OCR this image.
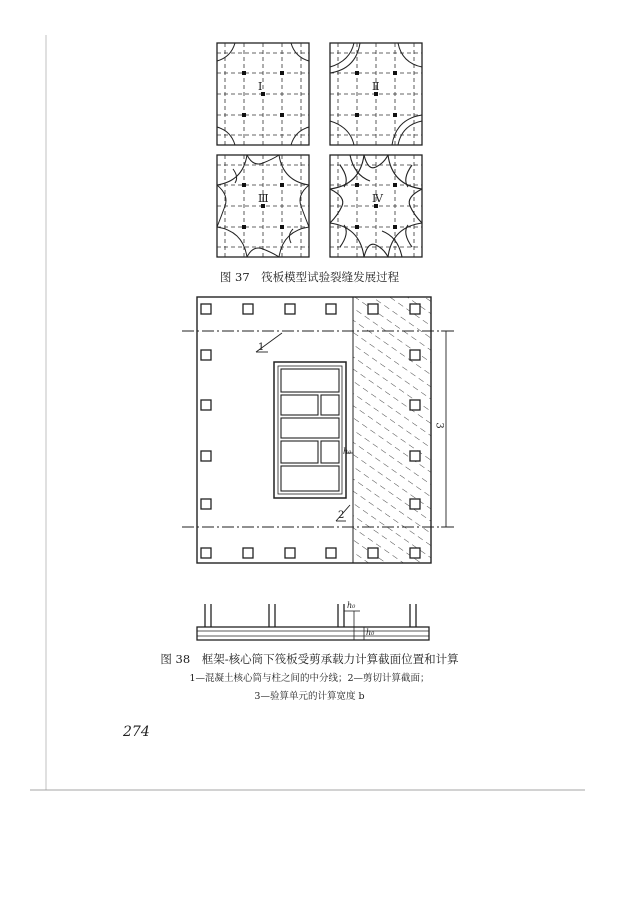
Ⅰ	Ⅱ
Ⅲ	Ⅳ
图 37　筏板模型试验裂缝发展过程
1
2
3
h₀
h₀
h₀
图 38　框架-核心筒下筏板受剪承载力计算截面位置和计算
1—混凝土核心筒与柱之间的中分线；2—剪切计算截面；
3—验算单元的计算宽度 b
274
